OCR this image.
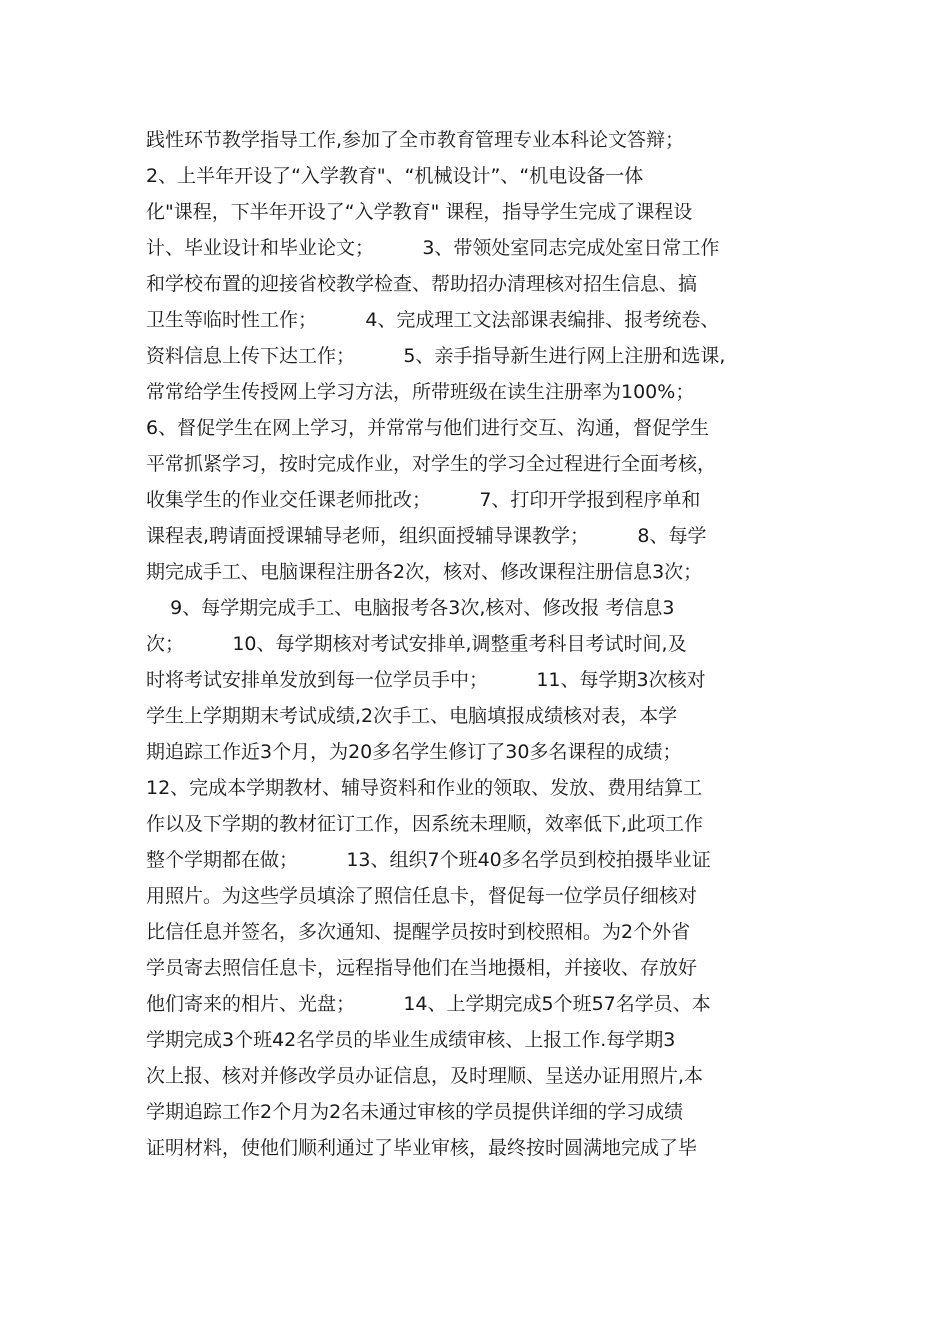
践性环节教学指导工作,参加了全市教育管理专业本科论文答辩；
2、上半年开设了“入学教育"、“机械设计”、“机电设备一体
化"课程，下半年开设了“入学教育" 课程，指导学生完成了课程设
计、毕业设计和毕业论文；        3、带领处室同志完成处室日常工作
和学校布置的迎接省校教学检查、帮助招办清理核对招生信息、搞
卫生等临时性工作；        4、完成理工文法部课表编排、报考统卷、
资料信息上传下达工作；        5、亲手指导新生进行网上注册和选课,
常常给学生传授网上学习方法，所带班级在读生注册率为100%；
6、督促学生在网上学习，并常常与他们进行交互、沟通，督促学生
平常抓紧学习，按时完成作业，对学生的学习全过程进行全面考核，
收集学生的作业交任课老师批改；        7、打印开学报到程序单和
课程表,聘请面授课辅导老师，组织面授辅导课教学；        8、每学
期完成手工、电脑课程注册各2次，核对、修改课程注册信息3次；
9、每学期完成手工、电脑报考各3次,核对、修改报 考信息3
次；        10、每学期核对考试安排单,调整重考科目考试时间,及
时将考试安排单发放到每一位学员手中；        11、每学期3次核对
学生上学期期末考试成绩,2次手工、电脑填报成绩核对表，本学
期追踪工作近3个月，为20多名学生修订了30多名课程的成绩；
12、完成本学期教材、辅导资料和作业的领取、发放、费用结算工
作以及下学期的教材征订工作，因系统未理顺，效率低下,此项工作
整个学期都在做；        13、组织7个班40多名学员到校拍摄毕业证
用照片。为这些学员填涂了照信任息卡，督促每一位学员仔细核对
比信任息并签名，多次通知、提醒学员按时到校照相。为2个外省
学员寄去照信任息卡，远程指导他们在当地摄相，并接收、存放好
他们寄来的相片、光盘；        14、上学期完成5个班57名学员、本
学期完成3个班42名学员的毕业生成绩审核、上报工作.每学期3
次上报、核对并修改学员办证信息，及时理顺、呈送办证用照片,本
学期追踪工作2个月为2名未通过审核的学员提供详细的学习成绩
证明材料，使他们顺利通过了毕业审核，最终按时圆满地完成了毕
